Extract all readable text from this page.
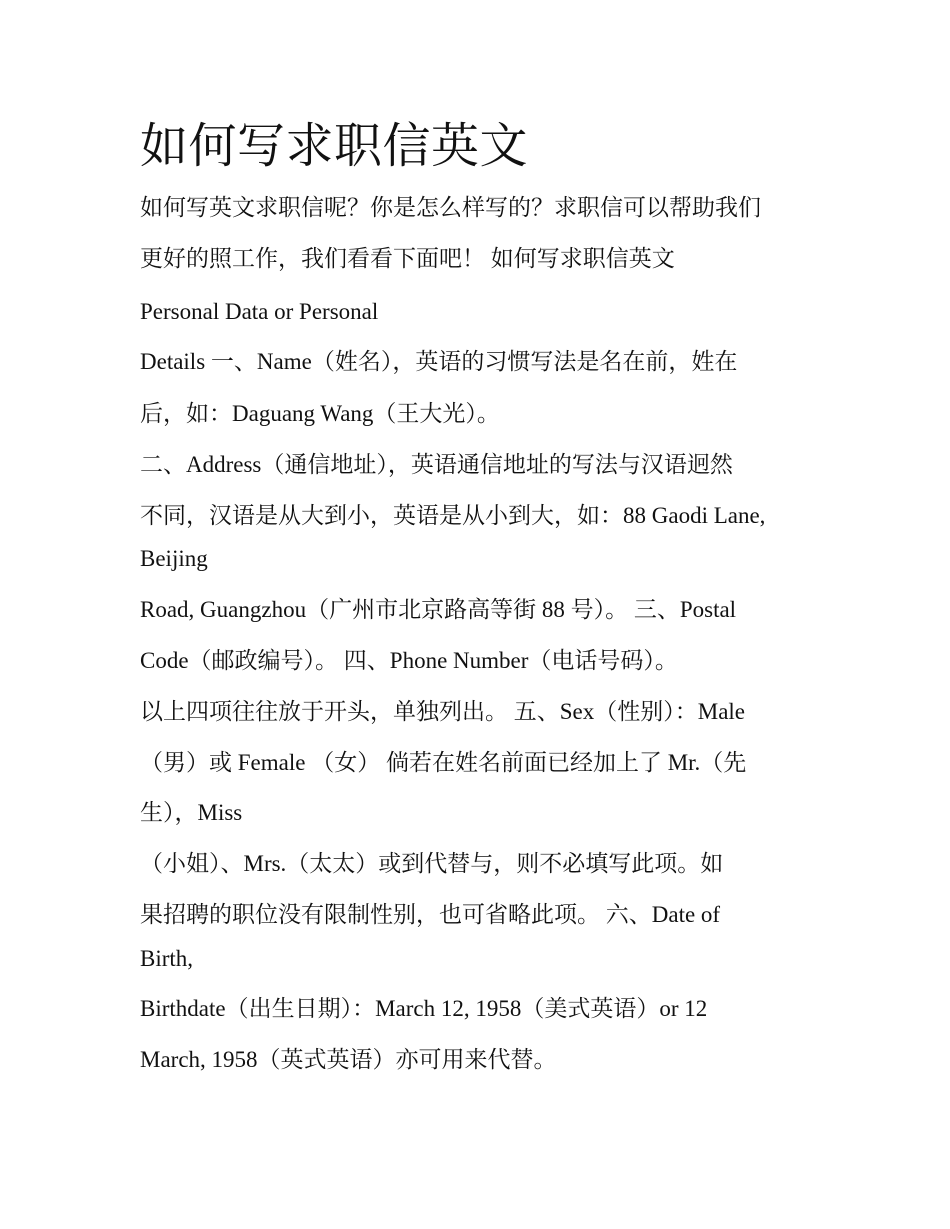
如何写求职信英文

如何写英文求职信呢？你是怎么样写的？求职信可以帮助我们

更好的照工作，我们看看下面吧！ 如何写求职信英文

Personal Data or Personal

Details 一、Name（姓名），英语的习惯写法是名在前，姓在

后，如：Daguang Wang（王大光）。

二、Address（通信地址），英语通信地址的写法与汉语迥然

不同，汉语是从大到小，英语是从小到大，如：88 Gaodi Lane,

Beijing

Road, Guangzhou（广州市北京路高等街 88 号）。 三、Postal

Code（邮政编号）。 四、Phone Number（电话号码）。

以上四项往往放于开头，单独列出。 五、Sex（性别）：Male

（男）或 Female （女） 倘若在姓名前面已经加上了 Mr.（先

生），Miss

（小姐）、Mrs.（太太）或到代替与，则不必填写此项。如

果招聘的职位没有限制性别，也可省略此项。 六、Date of

Birth,

Birthdate（出生日期）：March 12, 1958（美式英语）or 12

March, 1958（英式英语）亦可用来代替。
